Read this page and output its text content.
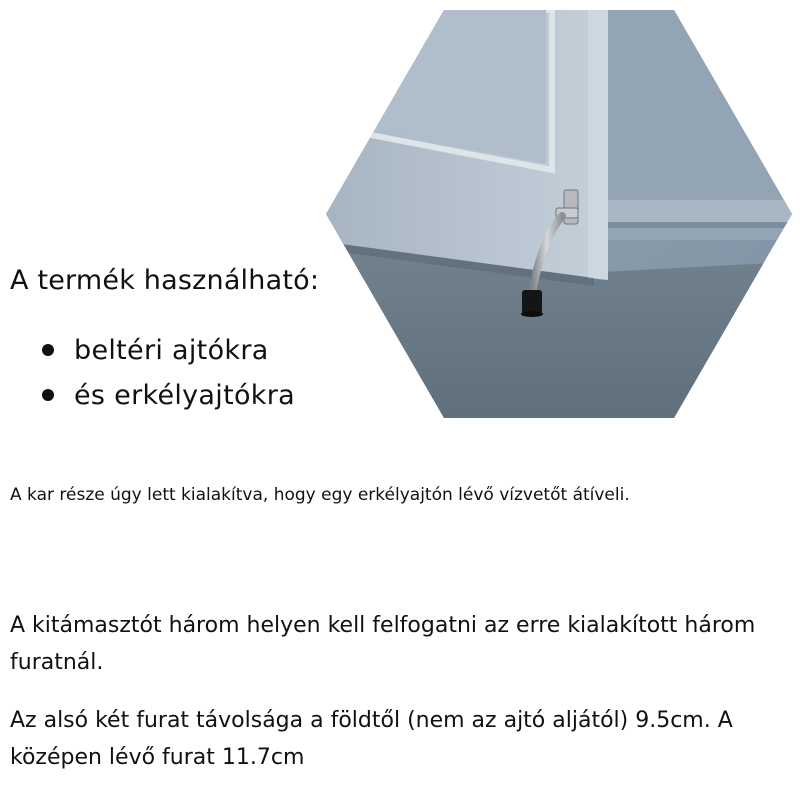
A termék használható:
beltéri ajtókra
és erkélyajtókra

A kar része úgy lett kialakítva, hogy egy erkélyajtón lévő vízvetőt átíveli.

A kitámasztót három helyen kell felfogatni az erre kialakított három furatnál.

Az alsó két furat távolsága a földtől (nem az ajtó aljától) 9.5cm. A középen lévő furat 11.7cm
